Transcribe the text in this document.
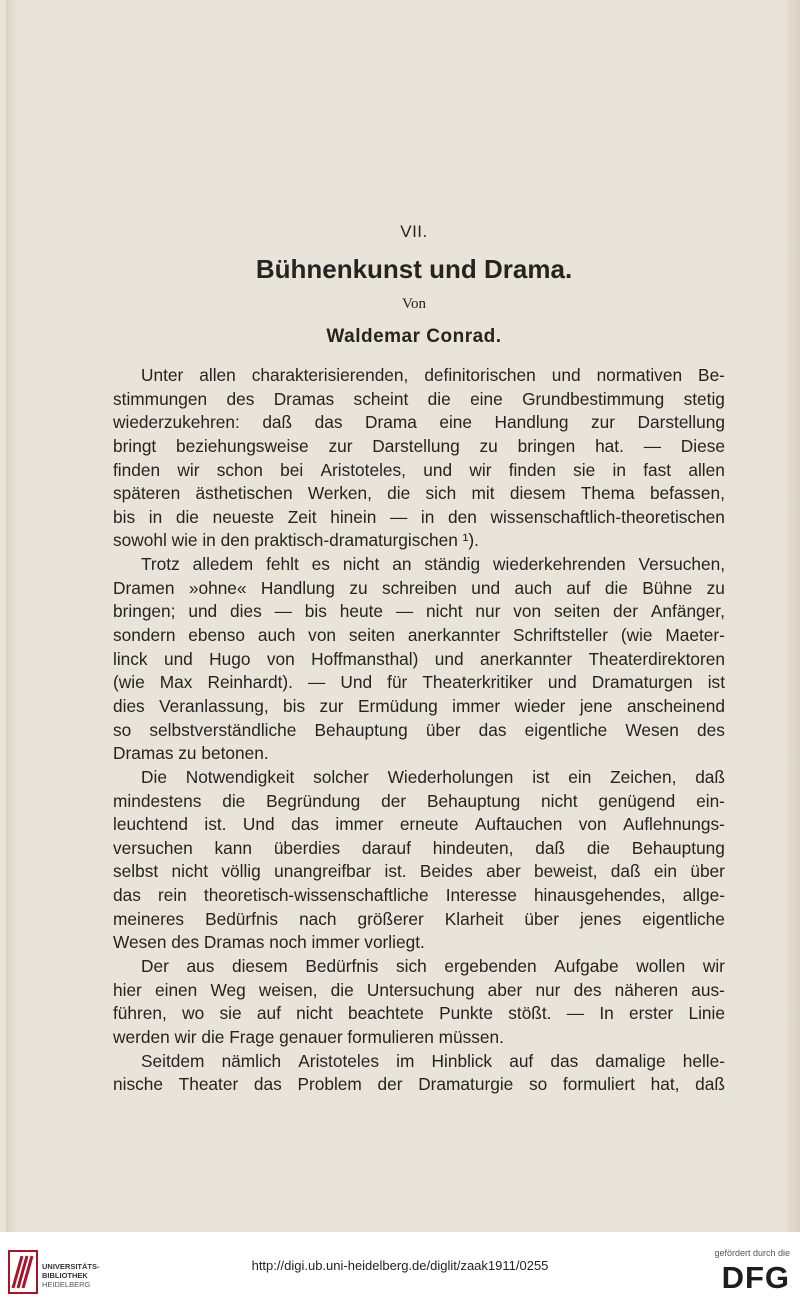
VII.
Bühnenkunst und Drama.
Von
Waldemar Conrad.
Unter allen charakterisierenden, definitorischen und normativen Be-
stimmungen des Dramas scheint die eine Grundbestimmung stetig
wiederzukehren: daß das Drama eine Handlung zur Darstellung
bringt beziehungsweise zur Darstellung zu bringen hat. — Diese
finden wir schon bei Aristoteles, und wir finden sie in fast allen
späteren ästhetischen Werken, die sich mit diesem Thema befassen,
bis in die neueste Zeit hinein — in den wissenschaftlich-theoretischen
sowohl wie in den praktisch-dramaturgischen ¹).
Trotz alledem fehlt es nicht an ständig wiederkehrenden Versuchen,
Dramen »ohne« Handlung zu schreiben und auch auf die Bühne zu
bringen; und dies — bis heute — nicht nur von seiten der Anfänger,
sondern ebenso auch von seiten anerkannter Schriftsteller (wie Maeter-
linck und Hugo von Hoffmansthal) und anerkannter Theaterdirektoren
(wie Max Reinhardt). — Und für Theaterkritiker und Dramaturgen ist
dies Veranlassung, bis zur Ermüdung immer wieder jene anscheinend
so selbstverständliche Behauptung über das eigentliche Wesen des
Dramas zu betonen.
Die Notwendigkeit solcher Wiederholungen ist ein Zeichen, daß
mindestens die Begründung der Behauptung nicht genügend ein-
leuchtend ist. Und das immer erneute Auftauchen von Auflehnungs-
versuchen kann überdies darauf hindeuten, daß die Behauptung
selbst nicht völlig unangreifbar ist. Beides aber beweist, daß ein über
das rein theoretisch-wissenschaftliche Interesse hinausgehendes, allge-
meineres Bedürfnis nach größerer Klarheit über jenes eigentliche
Wesen des Dramas noch immer vorliegt.
Der aus diesem Bedürfnis sich ergebenden Aufgabe wollen wir
hier einen Weg weisen, die Untersuchung aber nur des näheren aus-
führen, wo sie auf nicht beachtete Punkte stößt. — In erster Linie
werden wir die Frage genauer formulieren müssen.
Seitdem nämlich Aristoteles im Hinblick auf das damalige helle-
nische Theater das Problem der Dramaturgie so formuliert hat, daß
UNIVERSITÄTS-
BIBLIOTHEK
HEIDELBERG
http://digi.ub.uni-heidelberg.de/diglit/zaak1911/0255
gefördert durch die
DFG
